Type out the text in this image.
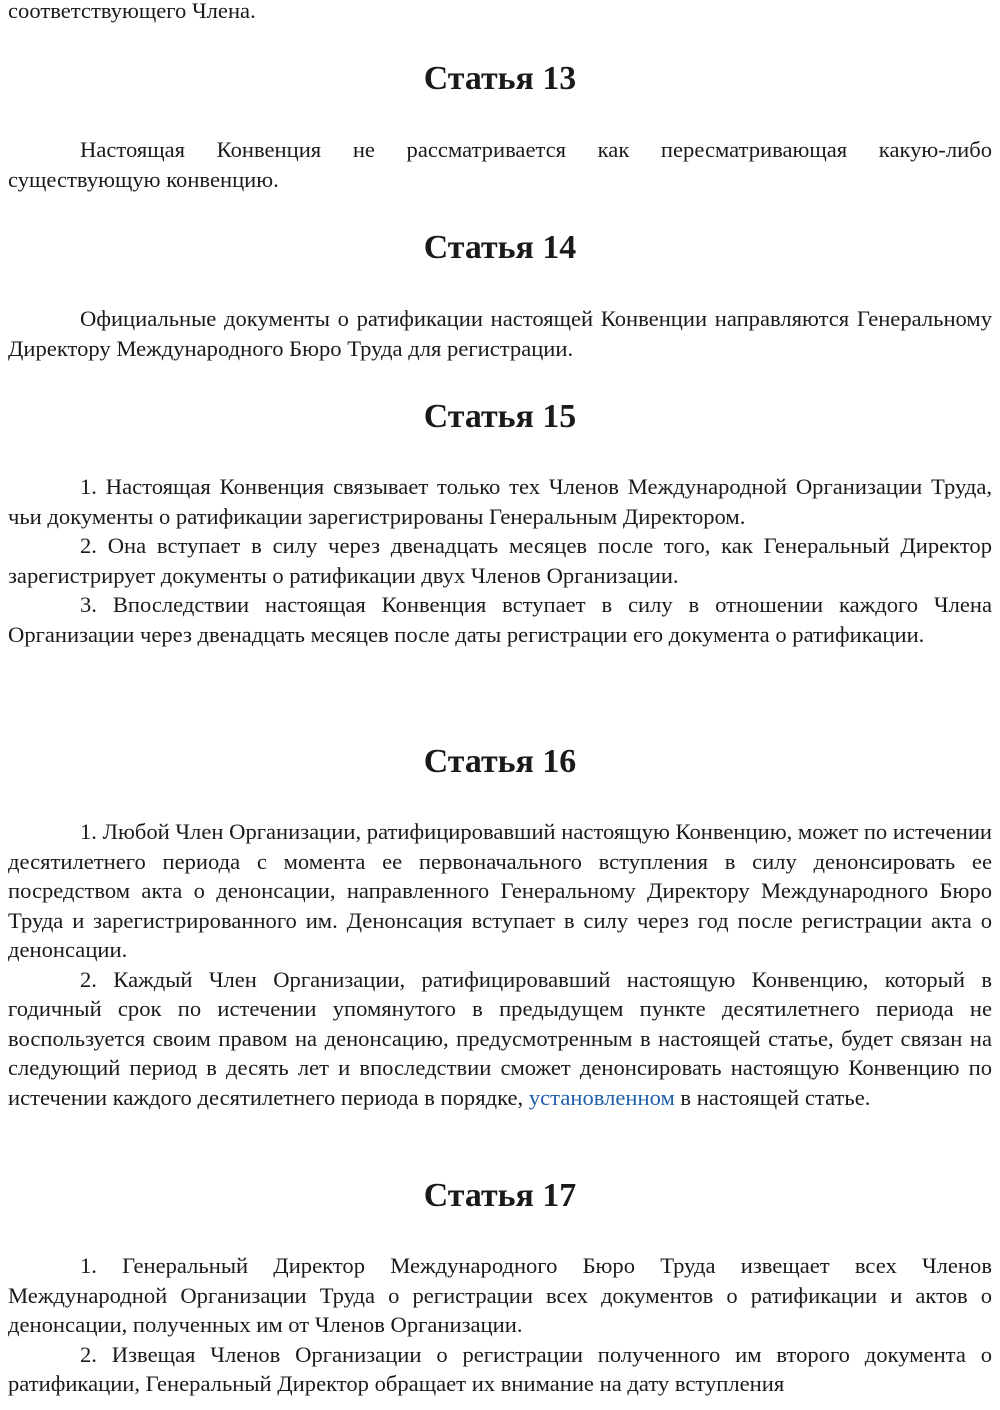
соответствующего Члена.

Статья 13

Настоящая Конвенция не рассматривается как пересматривающая какую-либо существующую конвенцию.

Статья 14

Официальные документы о ратификации настоящей Конвенции направляются Генеральному Директору Международного Бюро Труда для регистрации.

Статья 15

1. Настоящая Конвенция связывает только тех Членов Международной Организации Труда, чьи документы о ратификации зарегистрированы Генеральным Директором.

2. Она вступает в силу через двенадцать месяцев после того, как Генеральный Директор зарегистрирует документы о ратификации двух Членов Организации.

3. Впоследствии настоящая Конвенция вступает в силу в отношении каждого Члена Организации через двенадцать месяцев после даты регистрации его документа о ратификации.

Статья 16

1. Любой Член Организации, ратифицировавший настоящую Конвенцию, может по истечении десятилетнего периода с момента ее первоначального вступления в силу денонсировать ее посредством акта о денонсации, направленного Генеральному Директору Международного Бюро Труда и зарегистрированного им. Денонсация вступает в силу через год после регистрации акта о денонсации.

2. Каждый Член Организации, ратифицировавший настоящую Конвенцию, который в годичный срок по истечении упомянутого в предыдущем пункте десятилетнего периода не воспользуется своим правом на денонсацию, предусмотренным в настоящей статье, будет связан на следующий период в десять лет и впоследствии сможет денонсировать настоящую Конвенцию по истечении каждого десятилетнего периода в порядке, установленном в настоящей статье.

Статья 17

1. Генеральный Директор Международного Бюро Труда извещает всех Членов Международной Организации Труда о регистрации всех документов о ратификации и актов о денонсации, полученных им от Членов Организации.

2. Извещая Членов Организации о регистрации полученного им второго документа о ратификации, Генеральный Директор обращает их внимание на дату вступления
